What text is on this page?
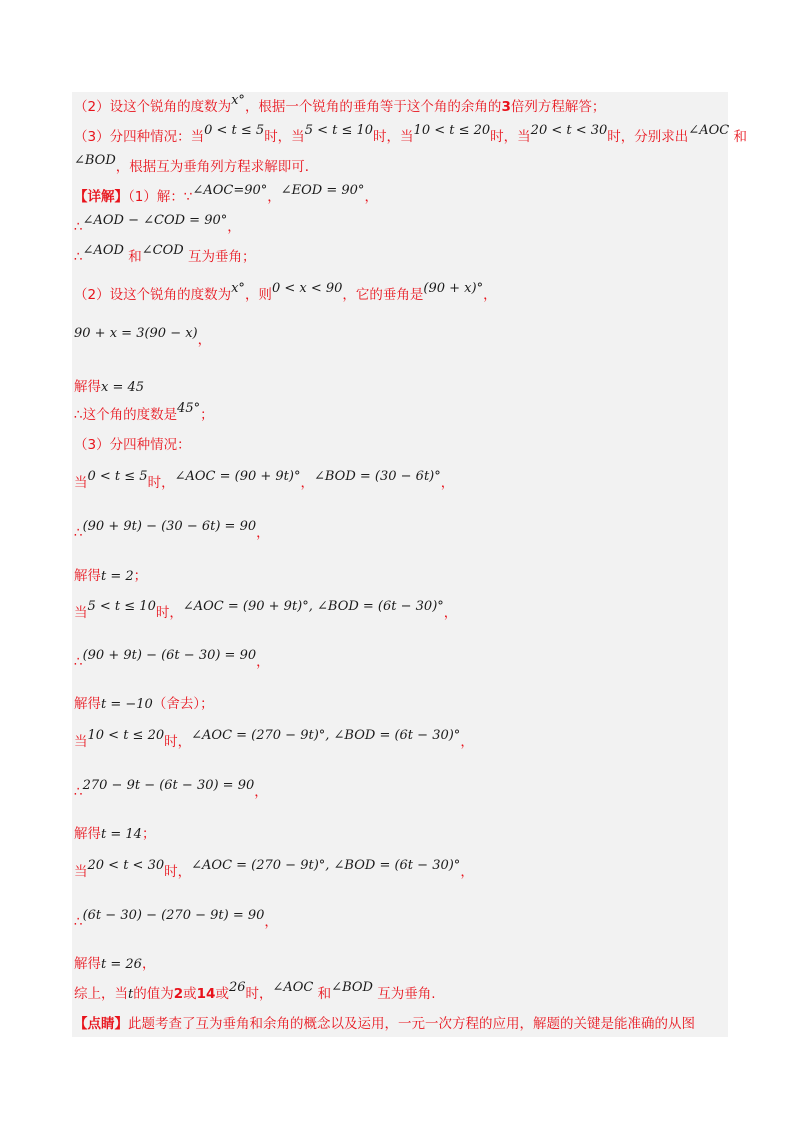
（2）设这个锐角的度数为x°，根据一个锐角的垂角等于这个角的余角的3倍列方程解答；
（3）分四种情况：当0 < t ≤ 5时，当5 < t ≤ 10时，当10 < t ≤ 20时，当20 < t < 30时，分别求出∠AOC 和
∠BOD，根据互为垂角列方程求解即可．
【详解】（1）解：∵∠AOC=90°，∠EOD = 90°，
∴∠AOD − ∠COD = 90°，
∴∠AOD 和∠COD 互为垂角；
（2）设这个锐角的度数为x°，则0 < x < 90，它的垂角是(90 + x)°，
90 + x = 3(90 − x)，
解得x = 45
∴这个角的度数是45°；
（3）分四种情况：
当0 < t ≤ 5时，∠AOC = (90 + 9t)°，∠BOD = (30 − 6t)°，
∴(90 + 9t) − (30 − 6t) = 90，
解得t = 2；
当5 < t ≤ 10时，∠AOC = (90 + 9t)°, ∠BOD = (6t − 30)°，
∴(90 + 9t) − (6t − 30) = 90，
解得t = −10（舍去）；
当10 < t ≤ 20时，∠AOC = (270 − 9t)°, ∠BOD = (6t − 30)°，
∴270 − 9t − (6t − 30) = 90，
解得t = 14；
当20 < t < 30时，∠AOC = (270 − 9t)°, ∠BOD = (6t − 30)°，
∴(6t − 30) − (270 − 9t) = 90，
解得t = 26，
综上，当t的值为2或14或26时，∠AOC 和∠BOD 互为垂角.
【点睛】此题考查了互为垂角和余角的概念以及运用，一元一次方程的应用，解题的关键是能准确的从图
